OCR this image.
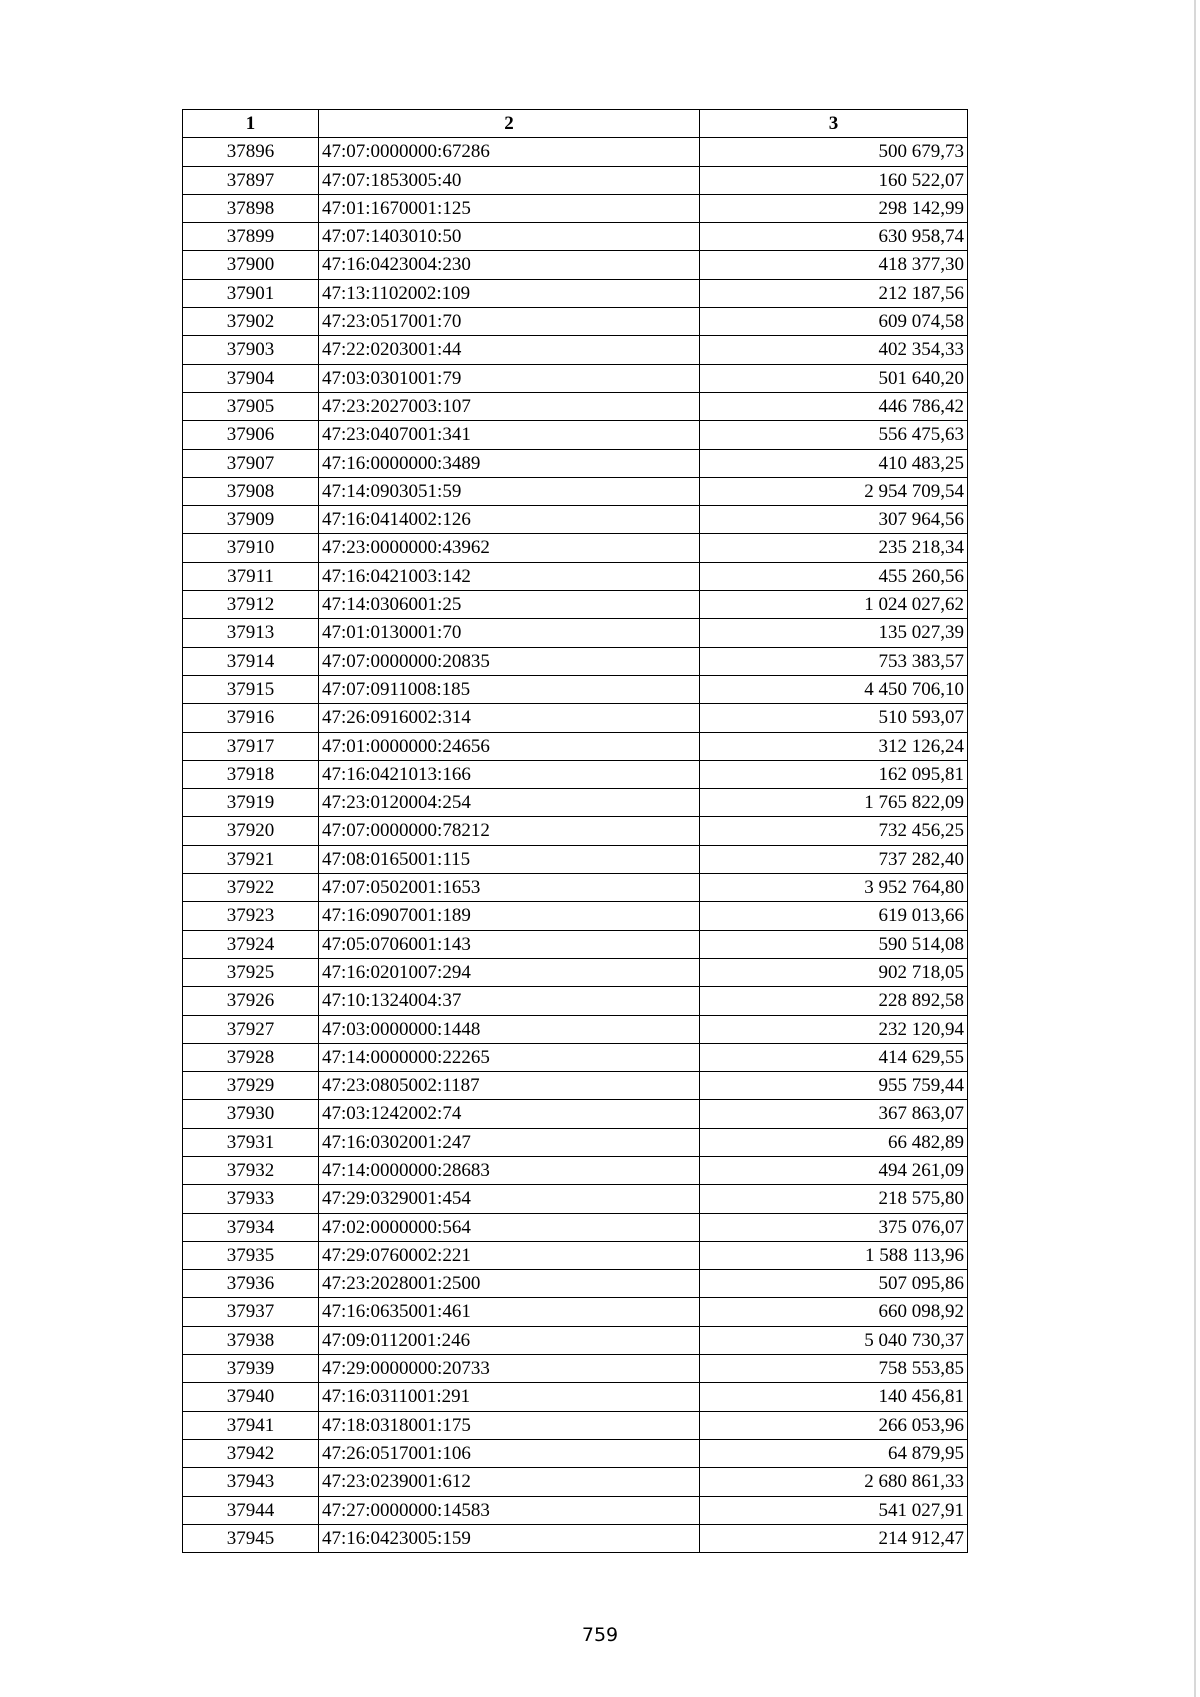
1	2	3
37896	47:07:0000000:67286	500 679,73
37897	47:07:1853005:40	160 522,07
37898	47:01:1670001:125	298 142,99
37899	47:07:1403010:50	630 958,74
37900	47:16:0423004:230	418 377,30
37901	47:13:1102002:109	212 187,56
37902	47:23:0517001:70	609 074,58
37903	47:22:0203001:44	402 354,33
37904	47:03:0301001:79	501 640,20
37905	47:23:2027003:107	446 786,42
37906	47:23:0407001:341	556 475,63
37907	47:16:0000000:3489	410 483,25
37908	47:14:0903051:59	2 954 709,54
37909	47:16:0414002:126	307 964,56
37910	47:23:0000000:43962	235 218,34
37911	47:16:0421003:142	455 260,56
37912	47:14:0306001:25	1 024 027,62
37913	47:01:0130001:70	135 027,39
37914	47:07:0000000:20835	753 383,57
37915	47:07:0911008:185	4 450 706,10
37916	47:26:0916002:314	510 593,07
37917	47:01:0000000:24656	312 126,24
37918	47:16:0421013:166	162 095,81
37919	47:23:0120004:254	1 765 822,09
37920	47:07:0000000:78212	732 456,25
37921	47:08:0165001:115	737 282,40
37922	47:07:0502001:1653	3 952 764,80
37923	47:16:0907001:189	619 013,66
37924	47:05:0706001:143	590 514,08
37925	47:16:0201007:294	902 718,05
37926	47:10:1324004:37	228 892,58
37927	47:03:0000000:1448	232 120,94
37928	47:14:0000000:22265	414 629,55
37929	47:23:0805002:1187	955 759,44
37930	47:03:1242002:74	367 863,07
37931	47:16:0302001:247	66 482,89
37932	47:14:0000000:28683	494 261,09
37933	47:29:0329001:454	218 575,80
37934	47:02:0000000:564	375 076,07
37935	47:29:0760002:221	1 588 113,96
37936	47:23:2028001:2500	507 095,86
37937	47:16:0635001:461	660 098,92
37938	47:09:0112001:246	5 040 730,37
37939	47:29:0000000:20733	758 553,85
37940	47:16:0311001:291	140 456,81
37941	47:18:0318001:175	266 053,96
37942	47:26:0517001:106	64 879,95
37943	47:23:0239001:612	2 680 861,33
37944	47:27:0000000:14583	541 027,91
37945	47:16:0423005:159	214 912,47
759
